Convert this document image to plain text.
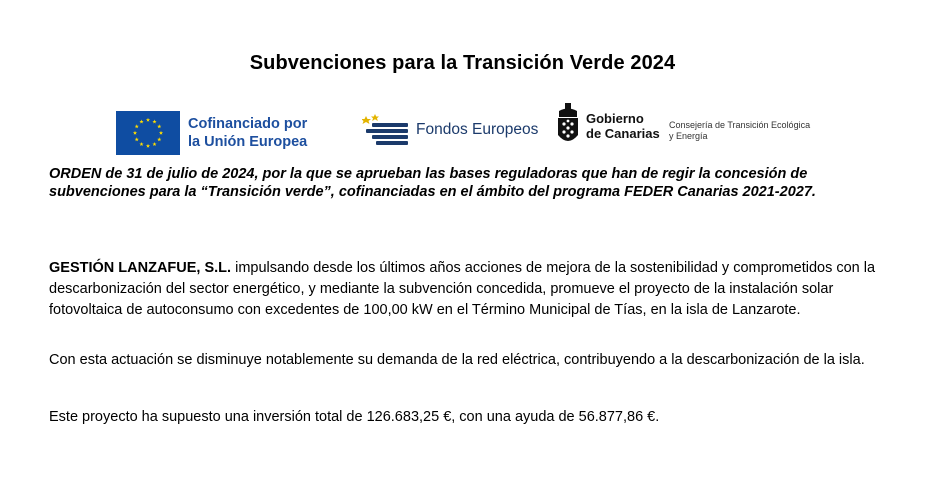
Subvenciones para la Transición Verde 2024
Cofinanciado por
la Unión Europea
Fondos Europeos
Gobierno
de Canarias
Consejería de Transición Ecológica
y Energía
ORDEN de 31 de julio de 2024, por la que se aprueban las bases reguladoras que han de regir la concesión de subvenciones para la “Transición verde”, cofinanciadas en el ámbito del programa FEDER Canarias 2021-2027.
GESTIÓN LANZAFUE, S.L. impulsando desde los últimos años acciones de mejora de la sostenibilidad y comprometidos con la descarbonización del sector energético, y mediante la subvención concedida, promueve el proyecto de la instalación solar fotovoltaica de autoconsumo con excedentes de 100,00 kW en el Término Municipal de Tías, en la isla de Lanzarote.
Con esta actuación se disminuye notablemente su demanda de la red eléctrica, contribuyendo a la descarbonización de la isla.
Este proyecto ha supuesto una inversión total de 126.683,25 €, con una ayuda de 56.877,86 €.
